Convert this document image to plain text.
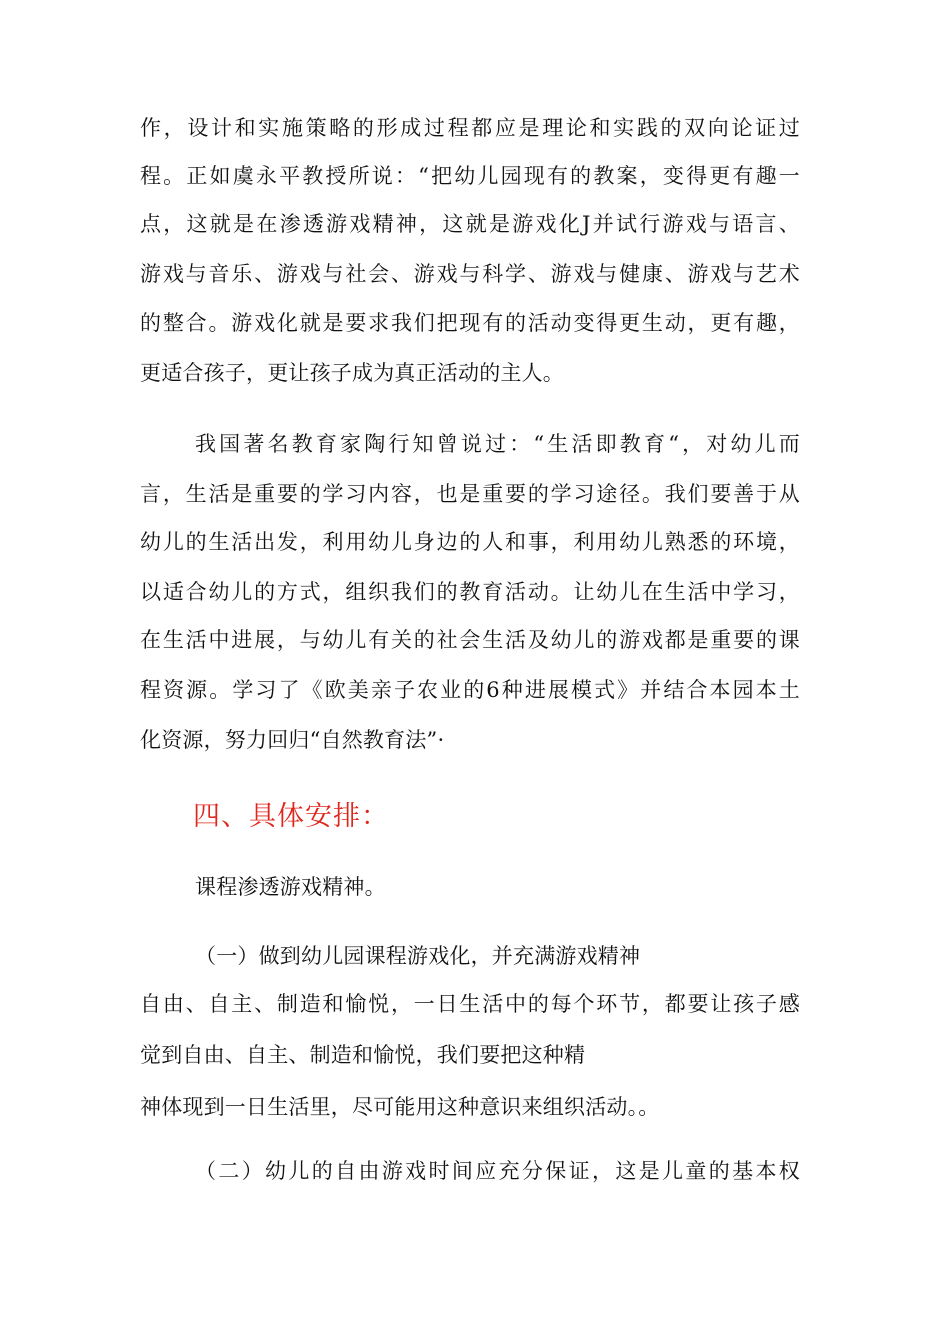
作，设计和实施策略的形成过程都应是理论和实践的双向论证过
程。正如虞永平教授所说：“把幼儿园现有的教案，变得更有趣一
点，这就是在渗透游戏精神，这就是游戏化J并试行游戏与语言、
游戏与音乐、游戏与社会、游戏与科学、游戏与健康、游戏与艺术
的整合。游戏化就是要求我们把现有的活动变得更生动，更有趣，
更适合孩子，更让孩子成为真正活动的主人。
我国著名教育家陶行知曾说过：“生活即教育“，对幼儿而
言，生活是重要的学习内容，也是重要的学习途径。我们要善于从
幼儿的生活出发，利用幼儿身边的人和事，利用幼儿熟悉的环境，
以适合幼儿的方式，组织我们的教育活动。让幼儿在生活中学习，
在生活中进展，与幼儿有关的社会生活及幼儿的游戏都是重要的课
程资源。学习了《欧美亲子农业的6种进展模式》并结合本园本土
化资源，努力回归“自然教育法”·
四、具体安排：
课程渗透游戏精神。
（一）做到幼儿园课程游戏化，并充满游戏精神
自由、自主、制造和愉悦，一日生活中的每个环节，都要让孩子感
觉到自由、自主、制造和愉悦，我们要把这种精
神体现到一日生活里，尽可能用这种意识来组织活动。。
（二）幼儿的自由游戏时间应充分保证，这是儿童的基本权
